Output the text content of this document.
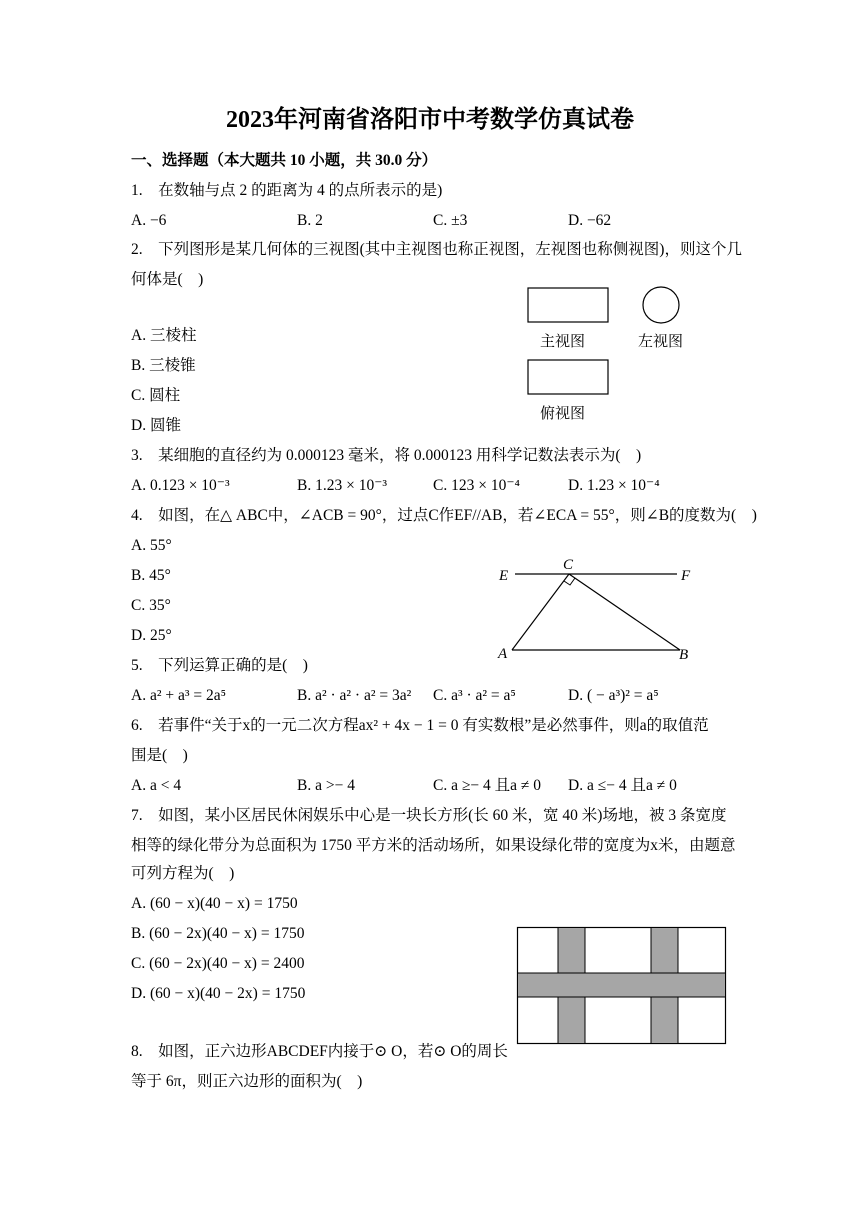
2023年河南省洛阳市中考数学仿真试卷
一、选择题（本大题共 10 小题，共 30.0 分）
1.　在数轴与点 2 的距离为 4 的点所表示的是)
A. −6	B. 2	C. ±3	D. −62
2.　下列图形是某几何体的三视图(其中主视图也称正视图，左视图也称侧视图)，则这个几
何体是(　)
A. 三棱柱
B. 三棱锥
C. 圆柱
D. 圆锥
主视图	左视图
俯视图
3.　某细胞的直径约为 0.000123 毫米，将 0.000123 用科学记数法表示为(　)
A. 0.123 × 10⁻³	B. 1.23 × 10⁻³	C. 123 × 10⁻⁴	D. 1.23 × 10⁻⁴
4.　如图，在△ ABC中，∠ACB = 90°，过点C作EF//AB，若∠ECA = 55°，则∠B的度数为(　)
A. 55°
B. 45°
C. 35°
D. 25°
E
C
F
A	B
5.　下列运算正确的是(　)
A. a² + a³ = 2a⁵	B. a² · a² · a² = 3a² C. a³ · a² = a⁵	D. ( − a³)² = a⁵
6.　若事件“关于x的一元二次方程ax² + 4x − 1 = 0 有实数根”是必然事件，则a的取值范
围是(　)
A. a < 4	B. a >− 4	C. a ≥− 4 且a ≠ 0 D. a ≤− 4 且a ≠ 0
7.　如图，某小区居民休闲娱乐中心是一块长方形(长 60 米，宽 40 米)场地，被 3 条宽度
相等的绿化带分为总面积为 1750 平方米的活动场所，如果设绿化带的宽度为x米，由题意
可列方程为(　)
A. (60 − x)(40 − x) = 1750
B. (60 − 2x)(40 − x) = 1750
C. (60 − 2x)(40 − x) = 2400
D. (60 − x)(40 − 2x) = 1750
8.　如图，正六边形ABCDEF内接于⊙ O，若⊙ O的周长
等于 6π，则正六边形的面积为(　)
